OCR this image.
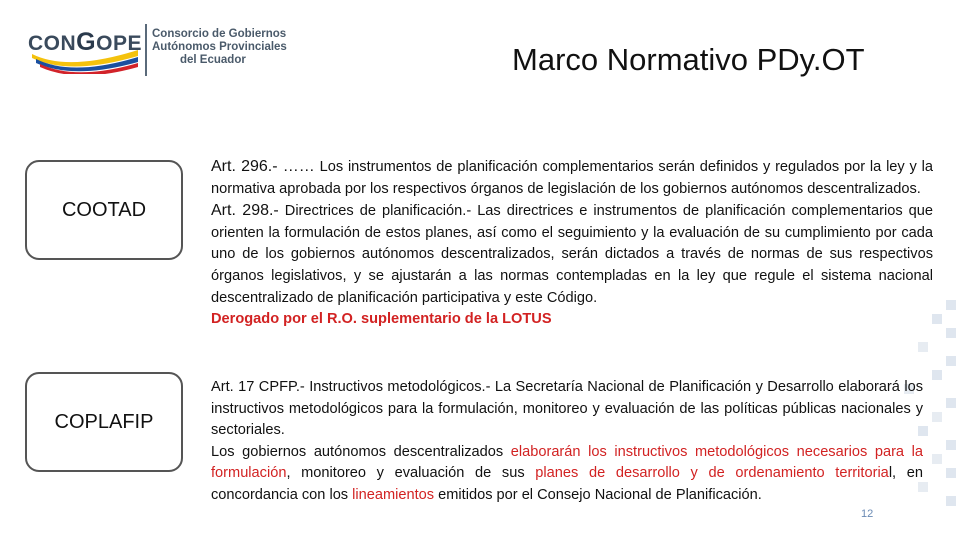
CONGOPE Consorcio de Gobiernos
Autónomos Provinciales
del Ecuador	Marco Normativo PDy.OT
COOTAD
COPLAFIP

Art. 296.- …… Los instrumentos de planificación complementarios serán definidos y regulados por la ley y la normativa aprobada por los respectivos órganos de legislación de los gobiernos autónomos descentralizados.

Art. 298.- Directrices de planificación.- Las directrices e instrumentos de planificación complementarios que orienten la formulación de estos planes, así como el seguimiento y la evaluación de su cumplimiento por cada uno de los gobiernos autónomos descentralizados, serán dictados a través de normas de sus respectivos órganos legislativos, y se ajustarán a las normas contempladas en la ley que regule el sistema nacional descentralizado de planificación participativa y este Código.

Derogado por el R.O. suplementario de la LOTUS

Art. 17 CPFP.- Instructivos metodológicos.- La Secretaría Nacional de Planificación y Desarrollo elaborará los instructivos metodológicos para la formulación, monitoreo y evaluación de las políticas públicas nacionales y sectoriales.

Los gobiernos autónomos descentralizados elaborarán los instructivos metodológicos necesarios para la formulación, monitoreo y evaluación de sus planes de desarrollo y de ordenamiento territorial, en concordancia con los lineamientos emitidos por el Consejo Nacional de Planificación.

12
